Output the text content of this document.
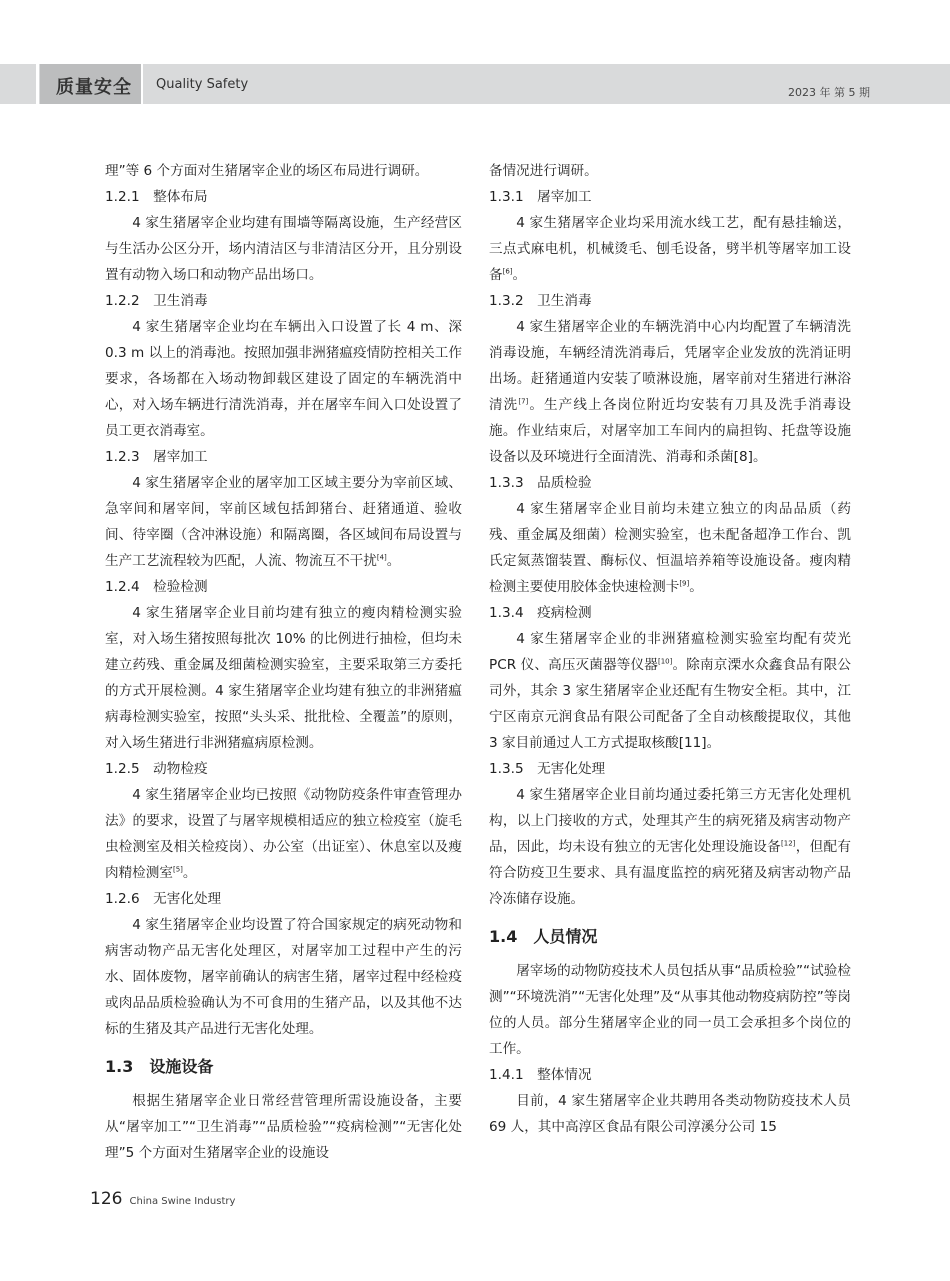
质量安全 Quality Safety
2023 年 第 5 期

理”等 6 个方面对生猪屠宰企业的场区布局进行调研。

1.2.1　整体布局

4 家生猪屠宰企业均建有围墙等隔离设施，生产经营区与生活办公区分开，场内清洁区与非清洁区分开，且分别设置有动物入场口和动物产品出场口。

1.2.2　卫生消毒

4 家生猪屠宰企业均在车辆出入口设置了长 4 m、深 0.3 m 以上的消毒池。按照加强非洲猪瘟疫情防控相关工作要求，各场都在入场动物卸载区建设了固定的车辆洗消中心，对入场车辆进行清洗消毒，并在屠宰车间入口处设置了员工更衣消毒室。

1.2.3　屠宰加工

4 家生猪屠宰企业的屠宰加工区域主要分为宰前区域、急宰间和屠宰间，宰前区域包括卸猪台、赶猪通道、验收间、待宰圈（含冲淋设施）和隔离圈，各区域间布局设置与生产工艺流程较为匹配，人流、物流互不干扰[4]。

1.2.4　检验检测

4 家生猪屠宰企业目前均建有独立的瘦肉精检测实验室，对入场生猪按照每批次 10% 的比例进行抽检，但均未建立药残、重金属及细菌检测实验室，主要采取第三方委托的方式开展检测。4 家生猪屠宰企业均建有独立的非洲猪瘟病毒检测实验室，按照“头头采、批批检、全覆盖”的原则，对入场生猪进行非洲猪瘟病原检测。

1.2.5　动物检疫

4 家生猪屠宰企业均已按照《动物防疫条件审查管理办法》的要求，设置了与屠宰规模相适应的独立检疫室（旋毛虫检测室及相关检疫岗）、办公室（出证室）、休息室以及瘦肉精检测室[5]。

1.2.6　无害化处理

4 家生猪屠宰企业均设置了符合国家规定的病死动物和病害动物产品无害化处理区，对屠宰加工过程中产生的污水、固体废物，屠宰前确认的病害生猪，屠宰过程中经检疫或肉品品质检验确认为不可食用的生猪产品，以及其他不达标的生猪及其产品进行无害化处理。

1.3　设施设备

根据生猪屠宰企业日常经营管理所需设施设备，主要从“屠宰加工”“卫生消毒”“品质检验”“疫病检测”“无害化处理”5 个方面对生猪屠宰企业的设施设

备情况进行调研。

1.3.1　屠宰加工

4 家生猪屠宰企业均采用流水线工艺，配有悬挂输送，三点式麻电机，机械烫毛、刨毛设备，劈半机等屠宰加工设备[6]。

1.3.2　卫生消毒

4 家生猪屠宰企业的车辆洗消中心内均配置了车辆清洗消毒设施，车辆经清洗消毒后，凭屠宰企业发放的洗消证明出场。赶猪通道内安装了喷淋设施，屠宰前对生猪进行淋浴清洗[7]。生产线上各岗位附近均安装有刀具及洗手消毒设施。作业结束后，对屠宰加工车间内的扁担钩、托盘等设施设备以及环境进行全面清洗、消毒和杀菌[8]。

1.3.3　品质检验

4 家生猪屠宰企业目前均未建立独立的肉品品质（药残、重金属及细菌）检测实验室，也未配备超净工作台、凯氏定氮蒸馏装置、酶标仪、恒温培养箱等设施设备。瘦肉精检测主要使用胶体金快速检测卡[9]。

1.3.4　疫病检测

4 家生猪屠宰企业的非洲猪瘟检测实验室均配有荧光 PCR 仪、高压灭菌器等仪器[10]。除南京溧水众鑫食品有限公司外，其余 3 家生猪屠宰企业还配有生物安全柜。其中，江宁区南京元润食品有限公司配备了全自动核酸提取仪，其他 3 家目前通过人工方式提取核酸[11]。

1.3.5　无害化处理

4 家生猪屠宰企业目前均通过委托第三方无害化处理机构，以上门接收的方式，处理其产生的病死猪及病害动物产品，因此，均未设有独立的无害化处理设施设备[12]，但配有符合防疫卫生要求、具有温度监控的病死猪及病害动物产品冷冻储存设施。

1.4　人员情况

屠宰场的动物防疫技术人员包括从事“品质检验”“试验检测”“环境洗消”“无害化处理”及“从事其他动物疫病防控”等岗位的人员。部分生猪屠宰企业的同一员工会承担多个岗位的工作。

1.4.1　整体情况

目前，4 家生猪屠宰企业共聘用各类动物防疫技术人员 69 人，其中高淳区食品有限公司淳溪分公司 15

126 China Swine Industry
